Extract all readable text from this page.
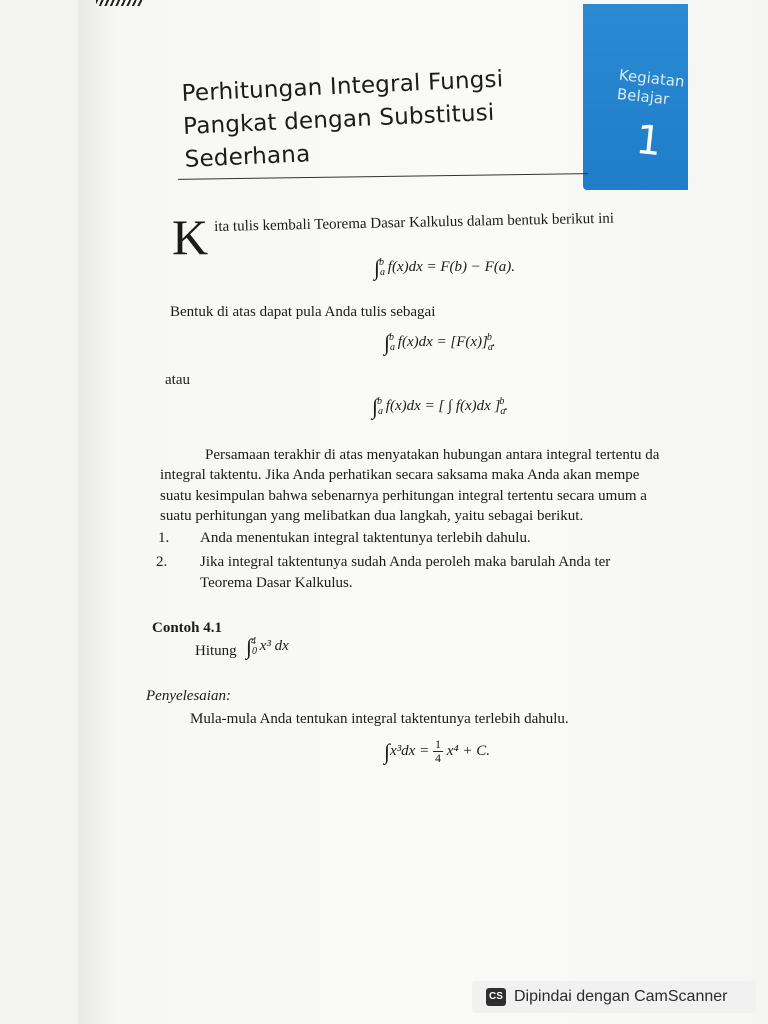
Kegiatan
Belajar
1
Perhitungan Integral Fungsi
Pangkat dengan Substitusi
Sederhana
K ita tulis kembali Teorema Dasar Kalkulus dalam bentuk berikut ini
$\int_a^b$ f(x)dx = F(b) − F(a).
Bentuk di atas dapat pula Anda tulis sebagai
$\int_a^b$ $f(x)dx = [F(x)]_a^b$.
atau
$\int_a^b$ f(x)dx = [ ∫ f(x)dx ]$_a^b$.
Persamaan terakhir di atas menyatakan hubungan antara integral tertentu da
integral taktentu. Jika Anda perhatikan secara saksama maka Anda akan mempe
suatu kesimpulan bahwa sebenarnya perhitungan integral tertentu secara umum a
suatu perhitungan yang melibatkan dua langkah, yaitu sebagai berikut.
1. Anda menentukan integral taktentunya terlebih dahulu.
2. Jika integral taktentunya sudah Anda peroleh maka barulah Anda ter
Teorema Dasar Kalkulus.
Contoh 4.1
Hitung $\int_0^4$ x³ dx
Penyelesaian:
Mula-mula Anda tentukan integral taktentunya terlebih dahulu.
$\int x^3dx = \frac{1}{4} x^4 + C$.
CS Dipindai dengan CamScanner
